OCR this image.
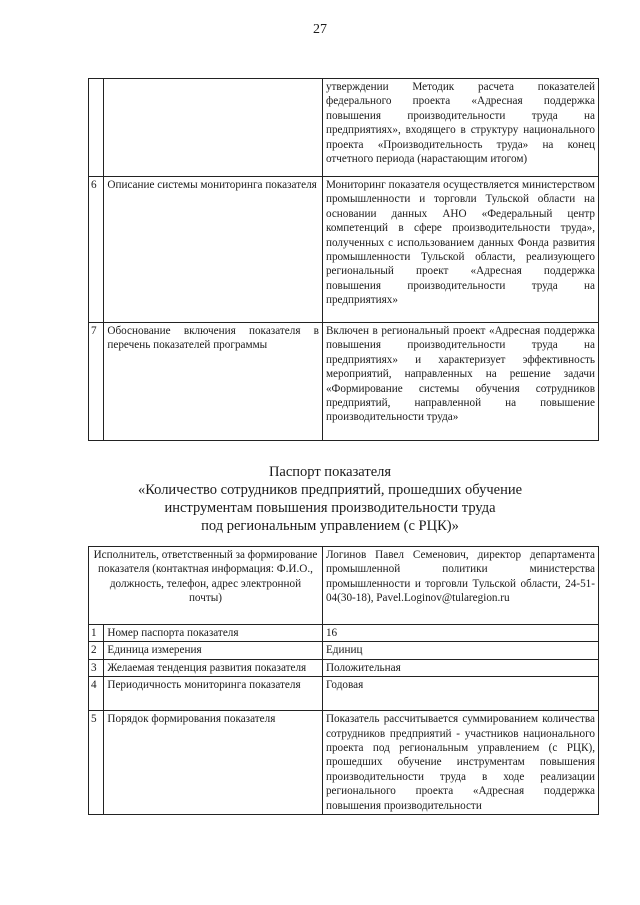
27
		утверждении Методик расчета показателей федерального проекта «Адресная поддержка повышения производительности труда на предприятиях», входящего в структуру национального проекта «Производительность труда» на конец отчетного периода (нарастающим итогом)
6	Описание системы мониторинга показателя	Мониторинг показателя осуществляется министерством промышленности и торговли Тульской области на основании данных АНО «Федеральный центр компетенций в сфере производительности труда», полученных с использованием данных Фонда развития промышленности Тульской области, реализующего региональный проект «Адресная поддержка повышения производительности труда на предприятиях»
7	Обоснование включения показателя в перечень показателей программы	Включен в региональный проект «Адресная поддержка повышения производительности труда на предприятиях» и характеризует эффективность мероприятий, направленных на решение задачи «Формирование системы обучения сотрудников предприятий, направленной на повышение производительности труда»
Паспорт показателя
«Количество сотрудников предприятий, прошедших обучение
инструментам повышения производительности труда
под региональным управлением (с РЦК)»
Исполнитель, ответственный за формирование показателя (контактная информация: Ф.И.О., должность, телефон, адрес электронной почты)		Логинов Павел Семенович, директор департамента промышленной политики министерства промышленности и торговли Тульской области, 24-51-04(30-18), Pavel.Loginov@tularegion.ru
1	Номер паспорта показателя	16
2	Единица измерения	Единиц
3	Желаемая тенденция развития показателя	Положительная
4	Периодичность мониторинга показателя	Годовая
5	Порядок формирования показателя	Показатель рассчитывается суммированием количества сотрудников предприятий - участников национального проекта под региональным управлением (с РЦК), прошедших обучение инструментам повышения производительности труда в ходе реализации регионального проекта «Адресная поддержка повышения производительности
